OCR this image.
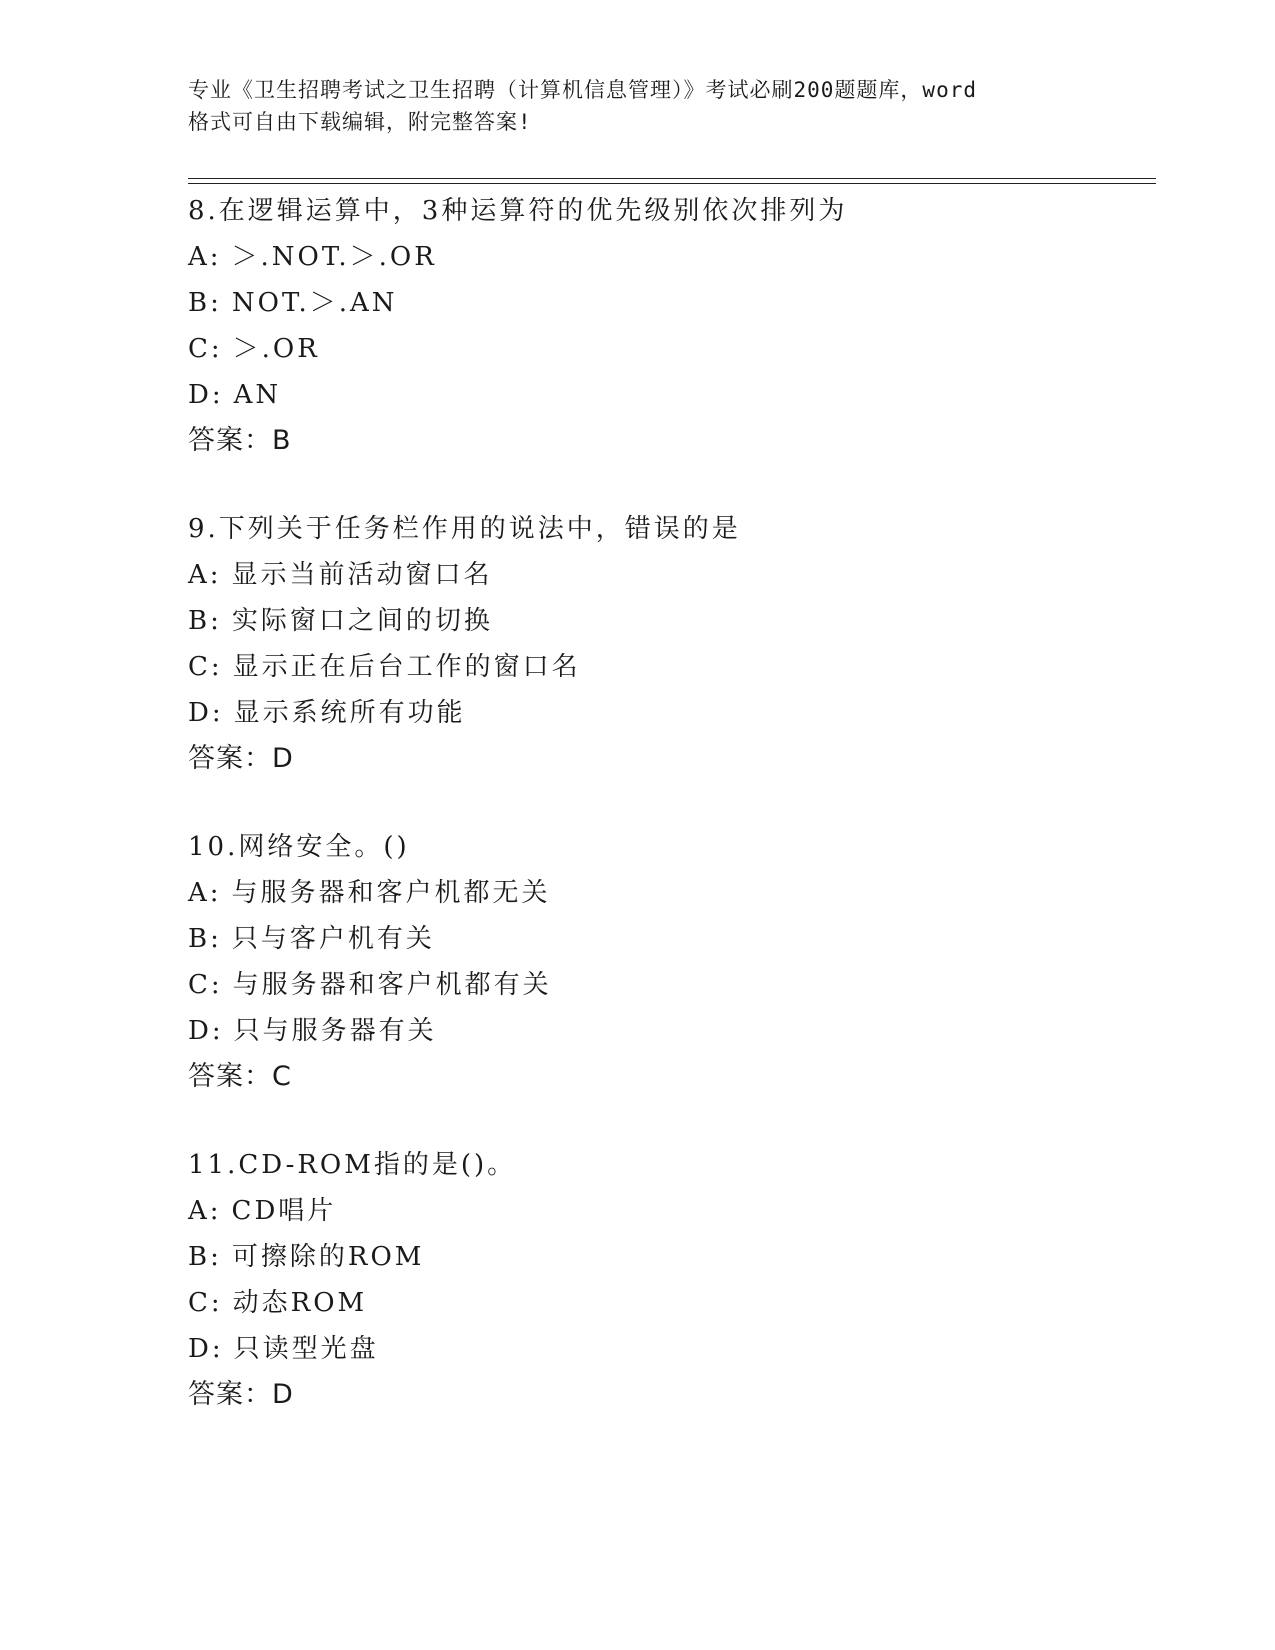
专业《卫生招聘考试之卫生招聘（计算机信息管理）》考试必刷200题题库，word
格式可自由下载编辑，附完整答案!
8.在逻辑运算中，3种运算符的优先级别依次排列为
A: ＞.NOT.＞.OR
B: NOT.＞.AN
C: ＞.OR
D: AN
答案：B
9.下列关于任务栏作用的说法中，错误的是
A: 显示当前活动窗口名
B: 实际窗口之间的切换
C: 显示正在后台工作的窗口名
D: 显示系统所有功能
答案：D
10.网络安全。()
A: 与服务器和客户机都无关
B: 只与客户机有关
C: 与服务器和客户机都有关
D: 只与服务器有关
答案：C
11.CD-ROM指的是()。
A: CD唱片
B: 可擦除的ROM
C: 动态ROM
D: 只读型光盘
答案：D
